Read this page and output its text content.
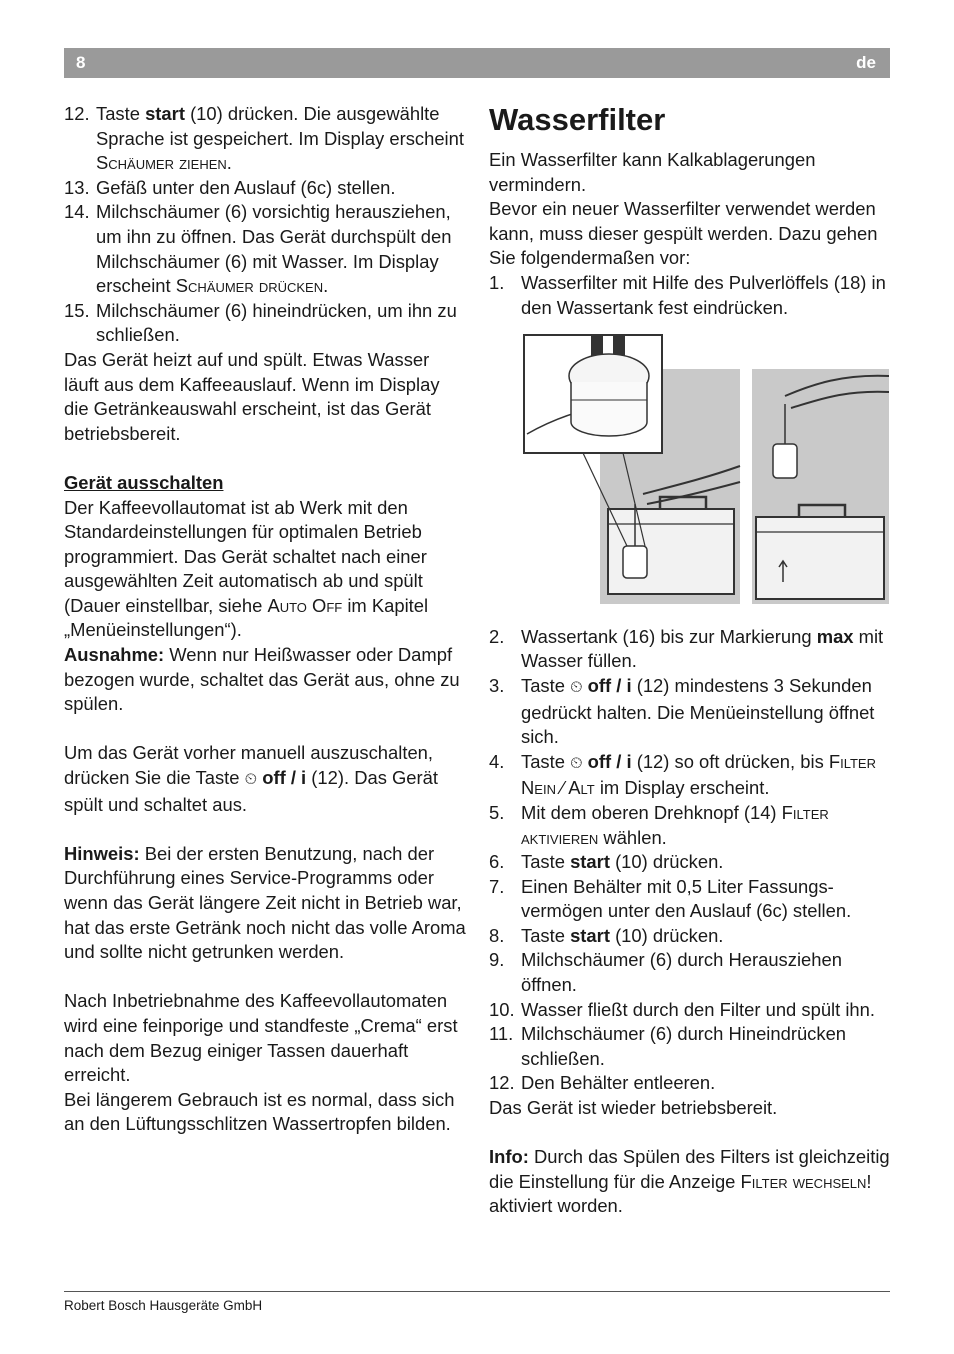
8	de
12. Taste start (10) drücken. Die ausgewählte Sprache ist gespeichert. Im Display erscheint Schäumer ziehen.
13. Gefäß unter den Auslauf (6c) stellen.
14. Milchschäumer (6) vorsichtig herausziehen, um ihn zu öffnen. Das Gerät durchspült den Milchschäumer (6) mit Wasser. Im Display erscheint Schäumer drücken.
15. Milchschäumer (6) hineindrücken, um ihn zu schließen.

Das Gerät heizt auf und spült. Etwas Wasser läuft aus dem Kaffeeauslauf. Wenn im Display die Getränkeauswahl erscheint, ist das Gerät betriebsbereit.

Gerät ausschalten

Der Kaffeevollautomat ist ab Werk mit den Standardeinstellungen für optimalen Betrieb programmiert. Das Gerät schaltet nach einer ausgewählten Zeit automatisch ab und spült (Dauer einstellbar, siehe Auto Off im Kapitel „Menüeinstellungen“).

Ausnahme: Wenn nur Heißwasser oder Dampf bezogen wurde, schaltet das Gerät aus, ohne zu spülen.

Um das Gerät vorher manuell auszuschalten, drücken Sie die Taste ⏲ off / i (12). Das Gerät spült und schaltet aus.

Hinweis: Bei der ersten Benutzung, nach der Durchführung eines Service-Programms oder wenn das Gerät längere Zeit nicht in Betrieb war, hat das erste Getränk noch nicht das volle Aroma und sollte nicht getrunken werden.

Nach Inbetriebnahme des Kaffeevollautomaten wird eine feinporige und standfeste „Crema“ erst nach dem Bezug einiger Tassen dauerhaft erreicht.

Bei längerem Gebrauch ist es normal, dass sich an den Lüftungsschlitzen Wassertropfen bilden.

Wasserfilter

Ein Wasserfilter kann Kalkablagerungen vermindern.

Bevor ein neuer Wasserfilter verwendet werden kann, muss dieser gespült werden. Dazu gehen Sie folgendermaßen vor:

1. Wasserfilter mit Hilfe des Pulverlöffels (18) in den Wassertank fest eindrücken.
2. Wassertank (16) bis zur Markierung max mit Wasser füllen.
3. Taste ⏲ off / i (12) mindestens 3 Sekunden gedrückt halten. Die Menüeinstellung öffnet sich.
4. Taste ⏲ off / i (12) so oft drücken, bis Filter Nein ⁄ Alt im Display erscheint.
5. Mit dem oberen Drehknopf (14) Filter aktivieren wählen.
6. Taste start (10) drücken.
7. Einen Behälter mit 0,5 Liter Fassungsvermögen unter den Auslauf (6c) stellen.
8. Taste start (10) drücken.
9. Milchschäumer (6) durch Herausziehen öffnen.
10. Wasser fließt durch den Filter und spült ihn.
11. Milchschäumer (6) durch Hineindrücken schließen.
12. Den Behälter entleeren.

Das Gerät ist wieder betriebsbereit.

Info: Durch das Spülen des Filters ist gleichzeitig die Einstellung für die Anzeige Filter wechseln! aktiviert worden.

Robert Bosch Hausgeräte GmbH
